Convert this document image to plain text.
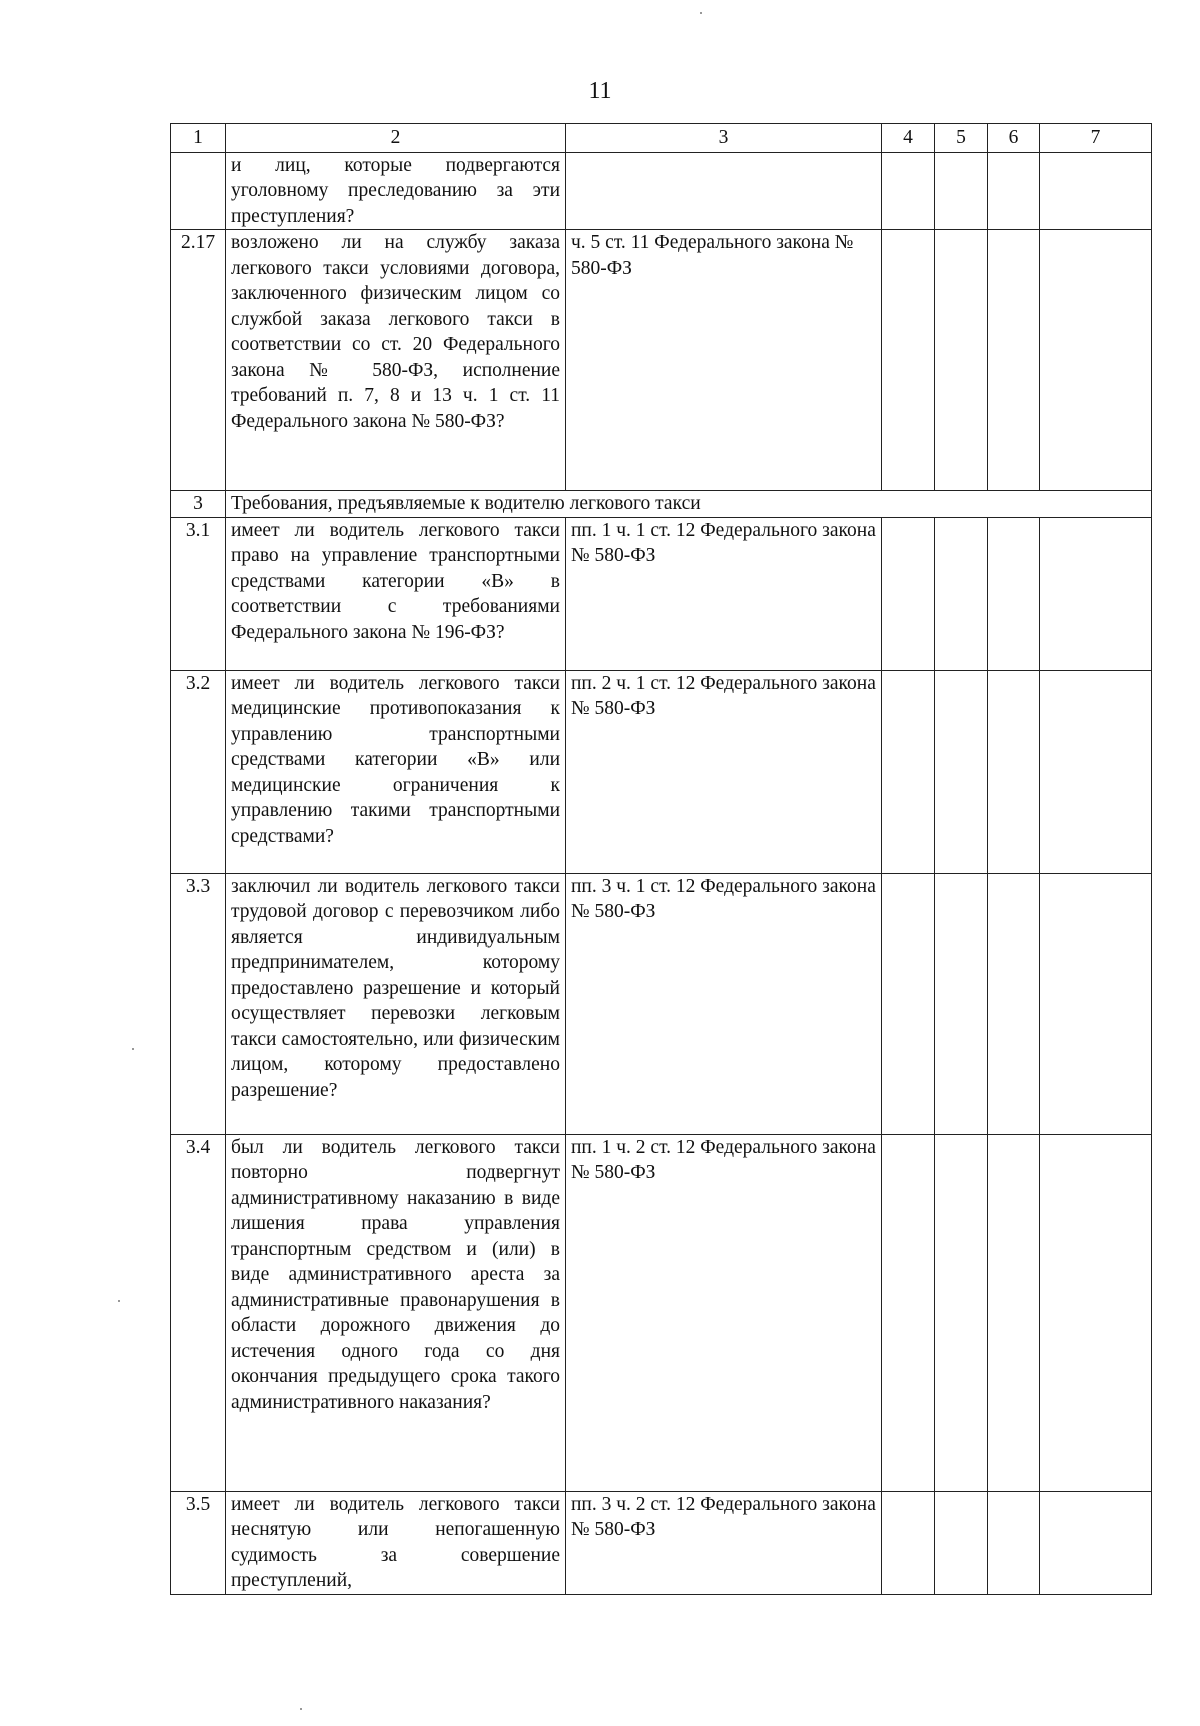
11
1	2	3	4	5	6	7
	и лиц, которые подвергаются уголовному преследованию за эти преступления?					
2.17	возложено ли на службу заказа легкового такси условиями договора, заключенного физическим лицом со службой заказа легкового такси в соответствии со ст. 20 Федерального закона № 580-ФЗ, исполнение требований п. 7, 8 и 13 ч. 1 ст. 11 Федерального закона № 580-ФЗ?	ч. 5 ст. 11 Федерального закона № 580-ФЗ				
3	Требования, предъявляемые к водителю легкового такси					
3.1	имеет ли водитель легкового такси право на управление транспортными средствами категории «В» в соответствии с требованиями Федерального закона № 196-ФЗ?	пп. 1 ч. 1 ст. 12 Федерального закона № 580-ФЗ				
3.2	имеет ли водитель легкового такси медицинские противопоказания к управлению транспортными средствами категории «В» или медицинские ограничения к управлению такими транспортными средствами?	пп. 2 ч. 1 ст. 12 Федерального закона № 580-ФЗ				
3.3	заключил ли водитель легкового такси трудовой договор с перевозчиком либо является индивидуальным предпринимателем, которому предоставлено разрешение и который осуществляет перевозки легковым такси самостоятельно, или физическим лицом, которому предоставлено разрешение?	пп. 3 ч. 1 ст. 12 Федерального закона № 580-ФЗ				
3.4	был ли водитель легкового такси повторно подвергнут административному наказанию в виде лишения права управления транспортным средством и (или) в виде административного ареста за административные правонарушения в области дорожного движения до истечения одного года со дня окончания предыдущего срока такого административного наказания?	пп. 1 ч. 2 ст. 12 Федерального закона № 580-ФЗ				
3.5	имеет ли водитель легкового такси неснятую или непогашенную судимость за совершение преступлений,	пп. 3 ч. 2 ст. 12 Федерального закона № 580-ФЗ				
